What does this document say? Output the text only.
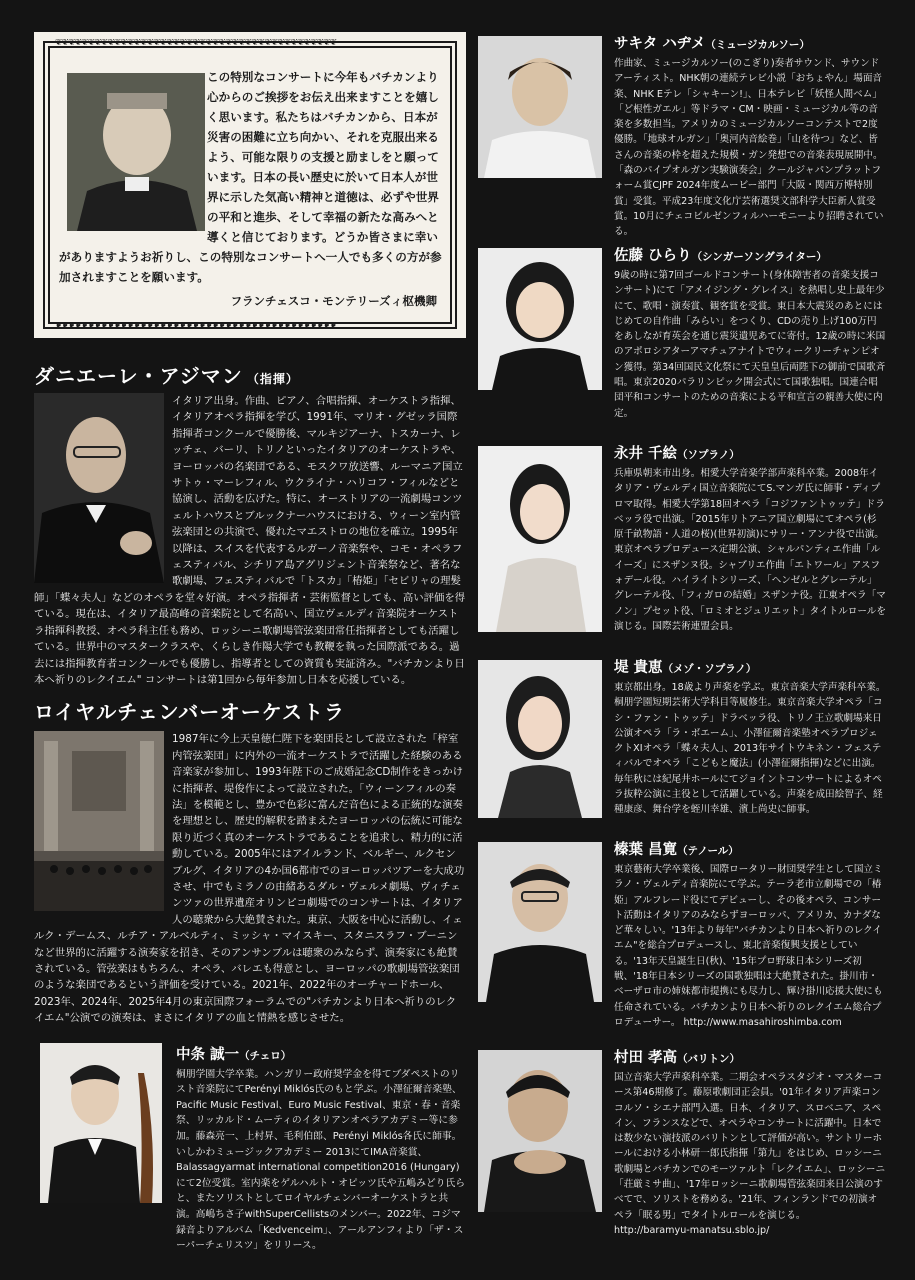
❦❦❦❦❦❦❦❦❦❦❦❦❦❦❦❦❦❦❦❦❦❦❦❦❦❦❦❦❦❦❦❦❦❦❦❦❦❦❦❦❦❦❦
❦❦❦❦❦❦❦❦❦❦❦❦❦❦❦❦❦❦❦❦❦❦❦❦❦❦❦❦❦❦❦❦❦❦❦❦❦❦❦❦❦❦❦
この特別なコンサートに今年もバチカンより心からのご挨拶をお伝え出来ますことを嬉しく思います。私たちはバチカンから、日本が災害の困難に立ち向かい、それを克服出来るよう、可能な限りの支援と励ましをと願っています。日本の長い歴史に於いて日本人が世界に示した気高い精神と道徳は、必ずや世界の平和と進歩、そして幸福の新たな高みへと導くと信じております。どうか皆さまに幸いがありますようお祈りし、この特別なコンサートへ一人でも多くの方が参加されますことを願います。
フランチェスコ・モンテリーズィ枢機卿
ダニエーレ・アジマン （指揮）
イタリア出身。作曲、ピアノ、合唱指揮、オーケストラ指揮、イタリアオペラ指揮を学び、1991年、マリオ・グゼッラ国際指揮者コンクールで優勝後、マルキジアーナ、トスカーナ、レッチェ、バーリ、トリノといったイタリアのオーケストラや、ヨーロッパの名楽団である、モスクワ放送響、ルーマニア国立サトゥ・マーレフィル、ウクライナ・ハリコフ・フィルなどと協演し、活動を広げた。特に、オーストリアの一流劇場コンツェルトハウスとブルックナーハウスにおける、ウィーン室内管弦楽団との共演で、優れたマエストロの地位を確立。1995年以降は、スイスを代表するルガーノ音楽祭や、コモ・オペラフェスティバル、シチリア島アグリジェント音楽祭など、著名な歌劇場、フェスティバルで「トスカ」「椿姫」「セビリャの理髪師」「蝶々夫人」などのオペラを堂々好演。オペラ指揮者・芸術監督としても、高い評価を得ている。現在は、イタリア最高峰の音楽院として名高い、国立ヴェルディ音楽院オーケストラ指揮科教授、オペラ科主任も務め、ロッシーニ歌劇場管弦楽団常任指揮者としても活躍している。世界中のマスタークラスや、くらしき作陽大学でも教鞭を執った国際派である。過去には指揮教育者コンクールでも優勝し、指導者としての資質も実証済み。"バチカンより日本へ祈りのレクイエム" コンサートは第1回から毎年参加し日本を応援している。
ロイヤルチェンバーオーケストラ
1987年に今上天皇徳仁陛下を楽団長として設立された「梓室内管弦楽団」に内外の一流オーケストラで活躍した経験のある音楽家が参加し、1993年陛下のご成婚記念CD制作をきっかけに指揮者、堤俊作によって設立された。「ウィーンフィルの奏法」を模範とし、豊かで色彩に富んだ音色による正統的な演奏を理想とし、歴史的解釈を踏まえたヨーロッパの伝統に可能な限り近づく真のオーケストラであることを追求し、精力的に活動している。2005年にはアイルランド、ベルギー、ルクセンブルグ、イタリアの4か国6都市でのヨーロッパツアーを大成功させ、中でもミラノの由緒あるダル・ヴェルメ劇場、ヴィチェンツァの世界遺産オリンピコ劇場でのコンサートは、イタリア人の聴衆から大絶賛された。東京、大阪を中心に活動し、イェルク・デームス、ルチア・アルベルティ、ミッシャ・マイスキー、スタニスラフ・ブーニンなど世界的に活躍する演奏家を招き、そのアンサンブルは聴衆のみならず、演奏家にも絶賛されている。管弦楽はもちろん、オペラ、バレエも得意とし、ヨーロッパの歌劇場管弦楽団のような楽団であるという評価を受けている。2021年、2022年のオーチャードホール、2023年、2024年、2025年4月の東京国際フォーラムでの"バチカンより日本へ祈りのレクイエム"公演での演奏は、まさにイタリアの血と情熱を感じさせた。
中条 誠一（チェロ）
桐朋学園大学卒業。ハンガリー政府奨学金を得てブダペストのリスト音楽院にてPerényi Miklós氏のもと学ぶ。小澤征爾音楽塾、Pacific Music Festival、Euro Music Festival、東京・春・音楽祭、リッカルド・ムーティのイタリアンオペラアカデミー等に参加。藤森亮一、上村昇、毛利伯郎、Perényi Miklós各氏に師事。いしかわミュージックアカデミー 2013にてIMA音楽賞、Balassagyarmat international competition2016 (Hungary)にて2位受賞。室内楽をゲルハルト・オピッツ氏や五嶋みどり氏らと、またソリストとしてロイヤルチェンバーオーケストラと共演。高嶋ちさ子withSuperCellistsのメンバー。2022年、コジマ録音よりアルバム「Kedvenceim」、アールアンフィより「ザ・スーパーチェリスツ」をリリース。
サキタ ハヂメ（ミュージカルソー）
作曲家、ミュージカルソー(のこぎり)奏者サウンド、サウンドアーティスト。NHK朝の連続テレビ小説「おちょやん」場面音楽、NHK Eテレ「シャキーン!」、日本テレビ「妖怪人間ベム」「ど根性ガエル」等ドラマ・CM・映画・ミュージカル等の音楽を多数担当。アメリカのミュージカルソーコンテストで2度優勝。「地球オルガン」「奥河内音絵巻」「山を待つ」など、皆さんの音楽の枠を超えた規模・ガン発想での音楽表現展開中。「森のパイプオルガン実験演奏会」クールジャパンプラットフォーム賞CJPF 2024年度ムービー部門「大阪・関西万博特別賞」受賞。平成23年度文化庁芸術選奨文部科学大臣新人賞受賞。10月にチェコビルゼンフィルハーモニーより招聘されている。
佐藤 ひらり（シンガーソングライター）
9歳の時に第7回ゴールドコンサート(身体障害者の音楽支援コンサート)にて「アメイジング・グレイス」を熱唱し史上最年少にて、歌唱・演奏賞、観客賞を受賞。東日本大震災のあとにはじめての自作曲「みらい」をつくり、CDの売り上げ100万円をあしなが育英会を通じ震災遺児あてに寄付。12歳の時に米国のアポロシアターアマチュアナイトでウィークリーチャンピオン獲得。第34回国民文化祭にて天皇皇后両陛下の御前で国歌斉唱。東京2020パラリンピック開会式にて国歌独唱。国連合唱団平和コンサートのための音楽による平和宣言の親善大使に内定。
永井 千絵（ソプラノ）
兵庫県朝来市出身。相愛大学音楽学部声楽科卒業。2008年イタリア・ヴェルディ国立音楽院にてS.マンガ氏に師事・ディプロマ取得。相愛大学第18回オペラ「コジファントゥッテ」ドラベッラ役で出演。「2015年リトアニア国立劇場にてオペラ(杉原千畝物語・人道の桜)(世界初演)にサリー・アンナ役で出演。東京オペラプロデュース定期公演、シャルパンティエ作曲「ルイーズ」にスザンヌ役。シャブリエ作曲「エトワール」アスフォデール役。ハイライトシリーズ、「ヘンゼルとグレーテル」グレーテル役、「フィガロの結婚」スザンナ役。江東オペラ「マノン」プセット役、「ロミオとジュリエット」タイトルロールを演じる。国際芸術連盟会員。
堤 貴恵（メゾ・ソプラノ）
東京都出身。18歳より声楽を学ぶ。東京音楽大学声楽科卒業。桐朋学園短期芸術大学科目等履修生。東京音楽大学オペラ「コシ・ファン・トゥッテ」ドラベッラ役、トリノ王立歌劇場来日公演オペラ「ラ・ボエーム」、小澤征爾音楽塾オペラプロジェクトXIオペラ「蝶々夫人」、2013年サイトウキネン・フェスティバルでオペラ「こどもと魔法」(小澤征爾指揮)などに出演。毎年秋には紀尾井ホールにてジョイントコンサートによるオペラ抜粋公演に主役として活躍している。声楽を成田絵智子、経種康彦、舞台学を蛭川幸雄、濱上尚史に師事。
榛葉 昌寛（テノール）
東京藝術大学卒業後、国際ロータリー財団奨学生として国立ミラノ・ヴェルディ音楽院にて学ぶ。テーラ老市立劇場での「椿姫」アルフレード役にてデビューし、その後オペラ、コンサート活動はイタリアのみならずヨーロッパ、アメリカ、カナダなど華々しい。'13年より毎年"バチカンより日本へ祈りのレクイエム"を総合プロデュースし、東北音楽復興支援としている。'13年天皇誕生日(秋)、'15年プロ野球日本シリーズ初戦、'18年日本シリーズの国歌独唱は大絶賛された。掛川市・ベーザロ市の姉妹都市提携にも尽力し、輝け掛川応援大使にも任命されている。バチカンより日本へ祈りのレクイエム総合プロデューサー。 http://www.masahiroshimba.com
村田 孝高（バリトン）
国立音楽大学声楽科卒業。二期会オペラスタジオ・マスターコース第46期修了。藤原歌劇団正会員。'01年イタリア声楽コンコルソ・シエナ部門入選。日本、イタリア、スロベニア、スペイン、フランスなどで、オペラやコンサートに活躍中。日本では数少ない演技派のバリトンとして評価が高い。サントリーホールにおける小林研一郎氏指揮「第九」をはじめ、ロッシーニ歌劇場とバチカンでのモーツァルト「レクイエム」、ロッシーニ「荘厳ミサ曲」、'17年ロッシーニ歌劇場管弦楽団来日公演のすべてで、ソリストを務める。'21年、フィンランドでの初演オペラ「眠る男」でタイトルロールを演じる。
http://baramyu-manatsu.sblo.jp/
